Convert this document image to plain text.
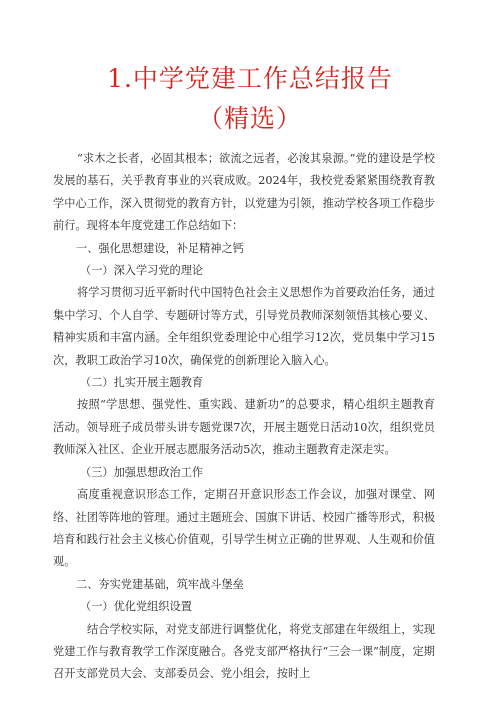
1.中学党建工作总结报告
（精选）

“求木之长者，必固其根本；欲流之远者，必浚其泉源。”党的建设是学校发展的基石，关乎教育事业的兴衰成败。2024年，我校党委紧紧围绕教育教学中心工作，深入贯彻党的教育方针，以党建为引领，推动学校各项工作稳步前行。现将本年度党建工作总结如下：

一、强化思想建设，补足精神之钙

（一）深入学习党的理论

将学习贯彻习近平新时代中国特色社会主义思想作为首要政治任务，通过集中学习、个人自学、专题研讨等方式，引导党员教师深刻领悟其核心要义、精神实质和丰富内涵。全年组织党委理论中心组学习12次，党员集中学习15次，教职工政治学习10次，确保党的创新理论入脑入心。

（二）扎实开展主题教育

按照“学思想、强党性、重实践、建新功”的总要求，精心组织主题教育活动。领导班子成员带头讲专题党课7次，开展主题党日活动10次，组织党员教师深入社区、企业开展志愿服务活动5次，推动主题教育走深走实。

（三）加强思想政治工作

高度重视意识形态工作，定期召开意识形态工作会议，加强对课堂、网络、社团等阵地的管理。通过主题班会、国旗下讲话、校园广播等形式，积极培育和践行社会主义核心价值观，引导学生树立正确的世界观、人生观和价值观。

二、夯实党建基础，筑牢战斗堡垒

（一）优化党组织设置

结合学校实际，对党支部进行调整优化，将党支部建在年级组上，实现党建工作与教育教学工作深度融合。各党支部严格执行“三会一课”制度，定期召开支部党员大会、支部委员会、党小组会，按时上
